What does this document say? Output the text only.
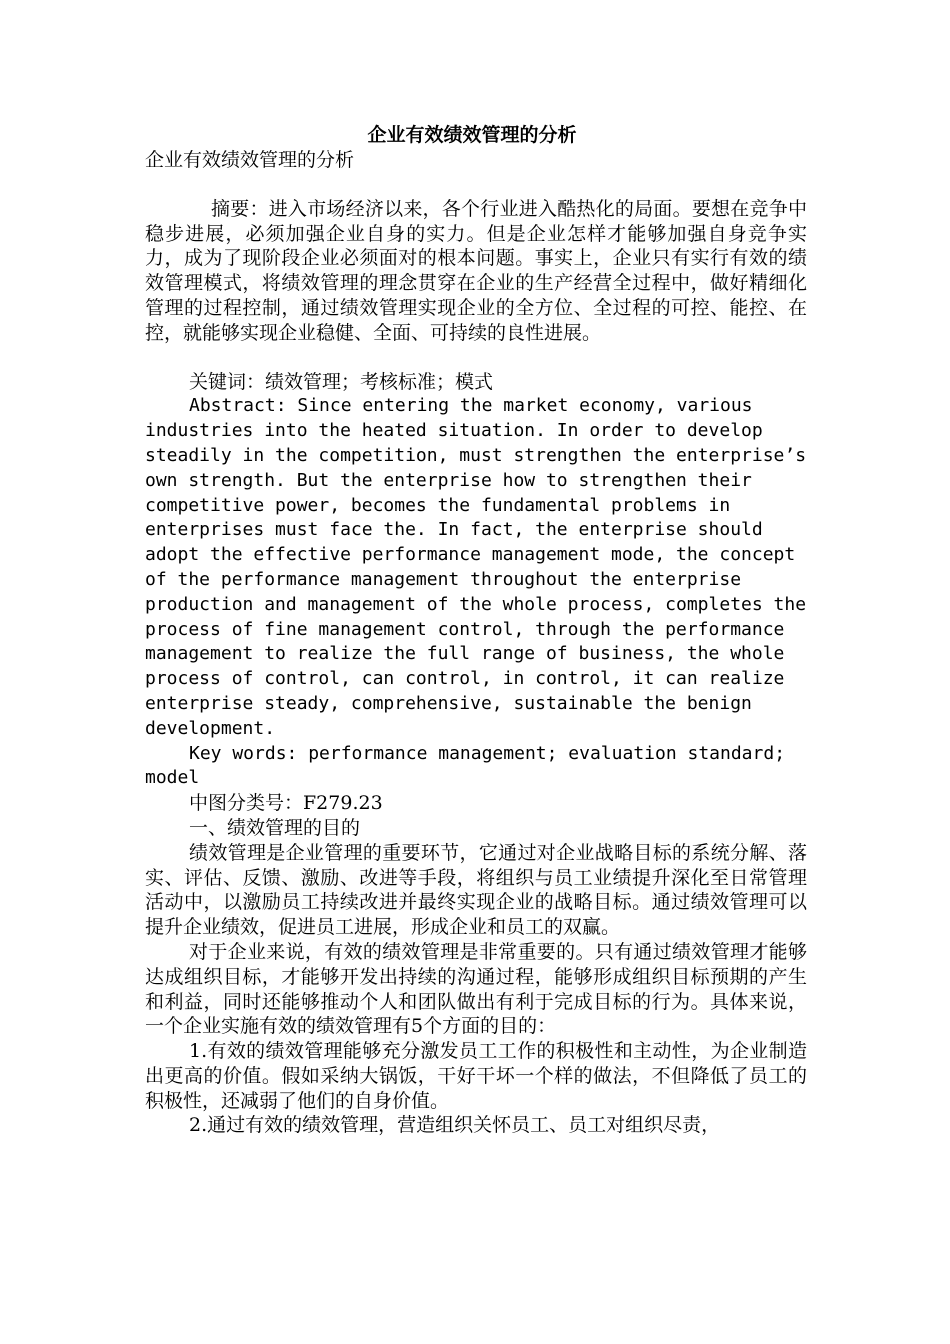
企业有效绩效管理的分析
企业有效绩效管理的分析

摘要：进入市场经济以来，各个行业进入酷热化的局面。要想在竞争中稳步进展，必须加强企业自身的实力。但是企业怎样才能够加强自身竞争实力，成为了现阶段企业必须面对的根本问题。事实上，企业只有实行有效的绩效管理模式，将绩效管理的理念贯穿在企业的生产经营全过程中，做好精细化管理的过程控制，通过绩效管理实现企业的全方位、全过程的可控、能控、在控，就能够实现企业稳健、全面、可持续的良性进展。

关键词：绩效管理；考核标准；模式

Abstract: Since entering the market economy, various industries into the heated situation. In order to develop steadily in the competition, must strengthen the enterprise’s own strength. But the enterprise how to strengthen their competitive power, becomes the fundamental problems in enterprises must face the. In fact, the enterprise should adopt the effective performance management mode, the concept of the performance management throughout the enterprise production and management of the whole process, completes the process of fine management control, through the performance management to realize the full range of business, the whole process of control, can control, in control, it can realize enterprise steady, comprehensive, sustainable the benign development.

Key words: performance management; evaluation standard; model

中图分类号：F279.23

一、绩效管理的目的

绩效管理是企业管理的重要环节，它通过对企业战略目标的系统分解、落实、评估、反馈、激励、改进等手段，将组织与员工业绩提升深化至日常管理活动中，以激励员工持续改进并最终实现企业的战略目标。通过绩效管理可以提升企业绩效，促进员工进展，形成企业和员工的双赢。

对于企业来说，有效的绩效管理是非常重要的。只有通过绩效管理才能够达成组织目标，才能够开发出持续的沟通过程，能够形成组织目标预期的产生和利益，同时还能够推动个人和团队做出有利于完成目标的行为。具体来说，一个企业实施有效的绩效管理有5个方面的目的：

1.有效的绩效管理能够充分激发员工工作的积极性和主动性，为企业制造出更高的价值。假如采纳大锅饭，干好干坏一个样的做法，不但降低了员工的积极性，还减弱了他们的自身价值。

2.通过有效的绩效管理，营造组织关怀员工、员工对组织尽责，
